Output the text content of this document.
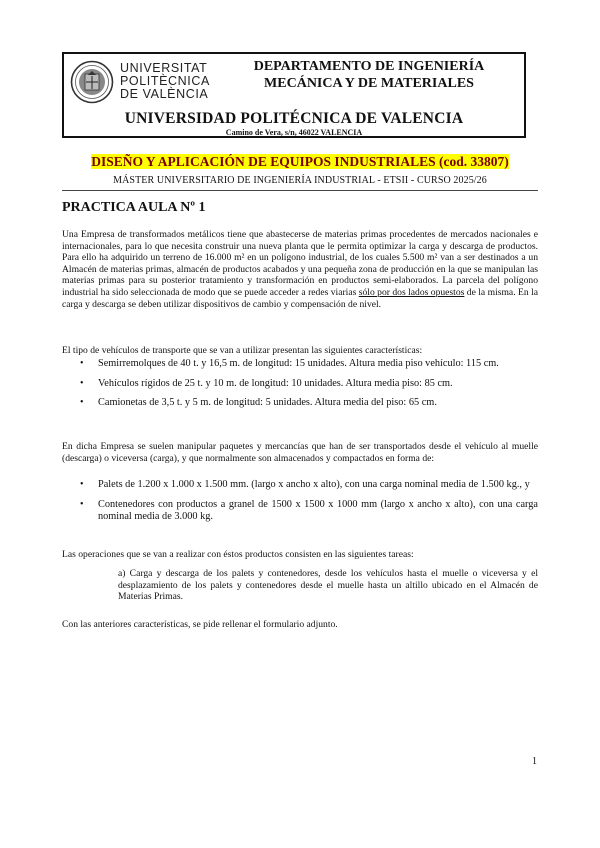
UNIVERSITAT
POLITÈCNICA
DE VALÈNCIA
DEPARTAMENTO DE INGENIERÍA
MECÁNICA Y DE MATERIALES
UNIVERSIDAD POLITÉCNICA DE VALENCIA
Camino de Vera, s/n, 46022 VALENCIA
DISEÑO Y APLICACIÓN DE EQUIPOS INDUSTRIALES (cod. 33807)
MÁSTER UNIVERSITARIO DE INGENIERÍA INDUSTRIAL - ETSII - CURSO 2025/26
PRACTICA AULA Nº 1
Una Empresa de transformados metálicos tiene que abastecerse de materias primas procedentes de mercados nacionales e internacionales, para lo que necesita construir una nueva planta que le permita optimizar la carga y descarga de productos. Para ello ha adquirido un terreno de 16.000 m² en un polígono industrial, de los cuales 5.500 m² van a ser destinados a un Almacén de materias primas, almacén de productos acabados y una pequeña zona de producción en la que se manipulan las materias primas para su posterior tratamiento y transformación en productos semi-elaborados. La parcela del polígono industrial ha sido seleccionada de modo que se puede acceder a redes viarias sólo por dos lados opuestos de la misma. En la carga y descarga se deben utilizar dispositivos de cambio y compensación de nivel.
El tipo de vehículos de transporte que se van a utilizar presentan las siguientes características:
• Semirremolques de 40 t. y 16,5 m. de longitud: 15 unidades. Altura media piso vehículo: 115 cm.
• Vehículos rígidos de 25 t. y 10 m. de longitud: 10 unidades. Altura media piso: 85 cm.
• Camionetas de 3,5 t. y 5 m. de longitud: 5 unidades. Altura media del piso: 65 cm.
En dicha Empresa se suelen manipular paquetes y mercancías que han de ser transportados desde el vehículo al muelle (descarga) o viceversa (carga), y que normalmente son almacenados y compactados en forma de:
• Palets de 1.200 x 1.000 x 1.500 mm. (largo x ancho x alto), con una carga nominal media de 1.500 kg., y
• Contenedores con productos a granel de 1500 x 1500 x 1000 mm (largo x ancho x alto), con una carga nominal media de 3.000 kg.
Las operaciones que se van a realizar con éstos productos consisten en las siguientes tareas:
a) Carga y descarga de los palets y contenedores, desde los vehículos hasta el muelle o viceversa y el desplazamiento de los palets y contenedores desde el muelle hasta un altillo ubicado en el Almacén de Materias Primas.
Con las anteriores características, se pide rellenar el formulario adjunto.
1
